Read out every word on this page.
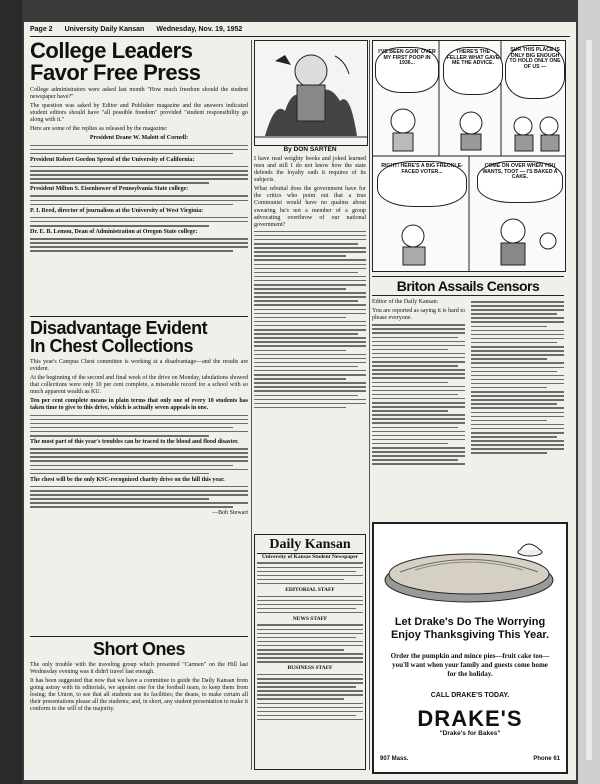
Page 2 University Daily Kansan Wednesday, Nov. 19, 1952
College Leaders
Favor Free Press

College administrators were asked last month "How much freedom should the student newspaper have?"

The question was asked by Editor and Publisher magazine and the answers indicated student editors should have "all possible freedom" provided "student responsibility go along with it."

Here are some of the replies as released by the magazine:

President Deane W. Malott of Cornell:

President Robert Gordon Sproul of the University of California:

President Milton S. Eisenhower of Pennsylvania State college:

P. I. Reed, director of journalism at the University of West Virginia:

Dr. E. B. Lemon, Dean of Administration at Oregon State college:

Disadvantage Evident
In Chest Collections

This year's Campus Chest committee is working at a disadvantage—and the results are evident.

At the beginning of the second and final week of the drive on Monday, tabulations showed that collections were only 10 per cent complete, a miserable record for a school with so much apparent wealth as KU.

Ten per cent complete means in plain terms that only one of every 10 students has taken time to give to this drive, which is actually seven appeals in one.

The most part of this year's troubles can be traced to the blood and flood disaster.

The chest will be the only KSC-recognized charity drive on the hill this year.

—Bob Stewart

Short Ones

The only trouble with the traveling group which presented "Carmen" on the Hill last Wednesday evening was it didn't travel fast enough.

It has been suggested that now that we have a committee to guide the Daily Kansan from going astray with its editorials, we appoint one for the football team, to keep them from losing; the Union, to see that all students use its facilities; the deans, to make certain all their presentations please all the students; and, in short, any student presentation to make it conform to the will of the majority.

By DON SARTEN

I have read weighty books and joked learned men and still I do not know how the state defends the loyalty oath it requires of its subjects.

What rebuttal does the government have for the critics who point out that a true Communist would have no qualms about swearing he's not a member of a group advocating overthrow of our national government?

I'VE BEEN GOIN' OVER MY FIRST POOP IN 1936...
THERE'S THE FELLER WHAT GAVE ME THE ADVICE.
SUR THIS PLACE IS ONLY BIG ENOUGH TO HOLD ONLY ONE OF US —
RIGHT! HERE'S A BIG FRECKLE-FACED VOTER...
COME ON OVER WHEN YOU WANTS, TOOT — I'S BAKED A CAKE.
Briton Assails Censors

Editor of the Daily Kansan:

You are reported as saying it is hard to please everyone.

Daily Kansan

University of Kansas Student Newspaper

EDITORIAL STAFF

NEWS STAFF

BUSINESS STAFF

Let Drake's Do The Worrying
Enjoy Thanksgiving This Year.
Order the pumpkin and mince pies—fruit cake too—you'll want when your family and guests come home for the holiday.
CALL DRAKE'S TODAY.
DRAKE'S
"Drake's for Bakes"
907 Mass.	Phone 61
